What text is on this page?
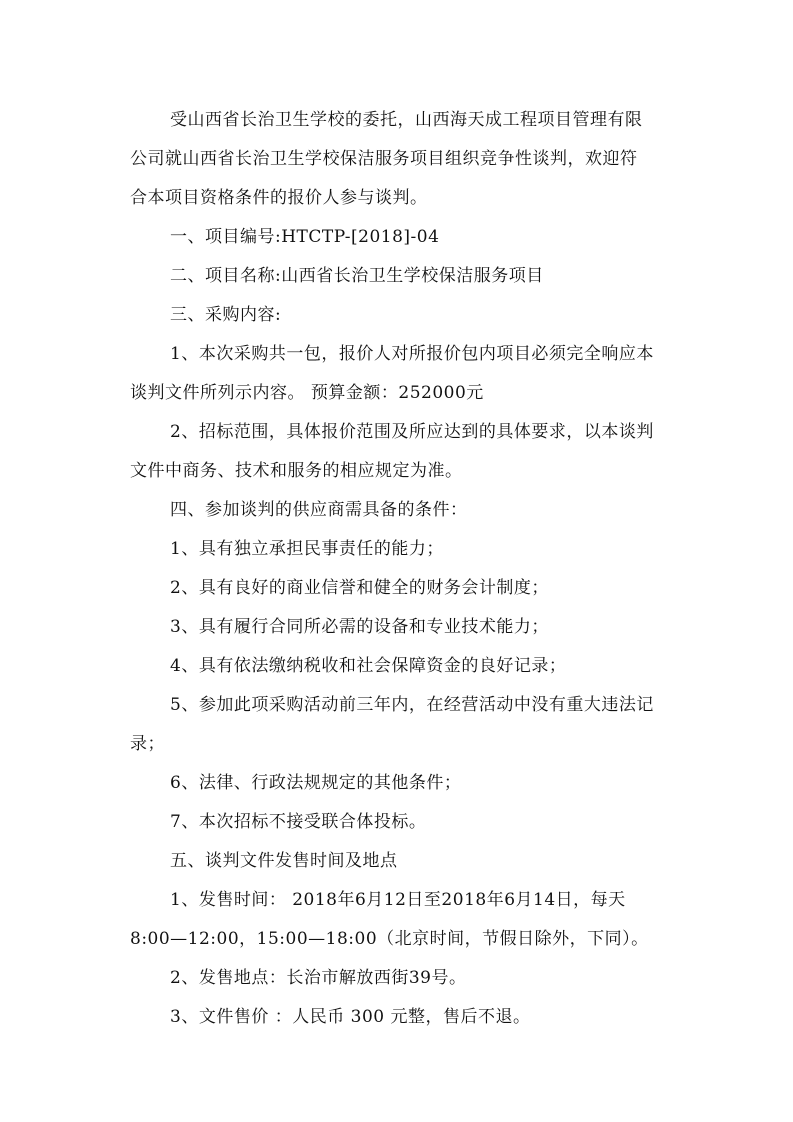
受山西省长治卫生学校的委托，山西海天成工程项目管理有限
公司就山西省长治卫生学校保洁服务项目组织竞争性谈判，欢迎符
合本项目资格条件的报价人参与谈判。
一、项目编号:HTCTP-[2018]-04
二、项目名称:山西省长治卫生学校保洁服务项目
三、采购内容:
1、本次采购共一包，报价人对所报价包内项目必须完全响应本
谈判文件所列示内容。 预算金额：252000元
2、招标范围，具体报价范围及所应达到的具体要求，以本谈判
文件中商务、技术和服务的相应规定为准。
四、参加谈判的供应商需具备的条件：
1、具有独立承担民事责任的能力；
2、具有良好的商业信誉和健全的财务会计制度；
3、具有履行合同所必需的设备和专业技术能力；
4、具有依法缴纳税收和社会保障资金的良好记录；
5、参加此项采购活动前三年内，在经营活动中没有重大违法记
录；
6、法律、行政法规规定的其他条件；
7、本次招标不接受联合体投标。
五、谈判文件发售时间及地点
1、发售时间： 2018年6月12日至2018年6月14日，每天
8:00—12:00，15:00—18:00（北京时间，节假日除外，下同）。
2、发售地点：长治市解放西街39号。
3、文件售价 ：人民币 300 元整，售后不退。
